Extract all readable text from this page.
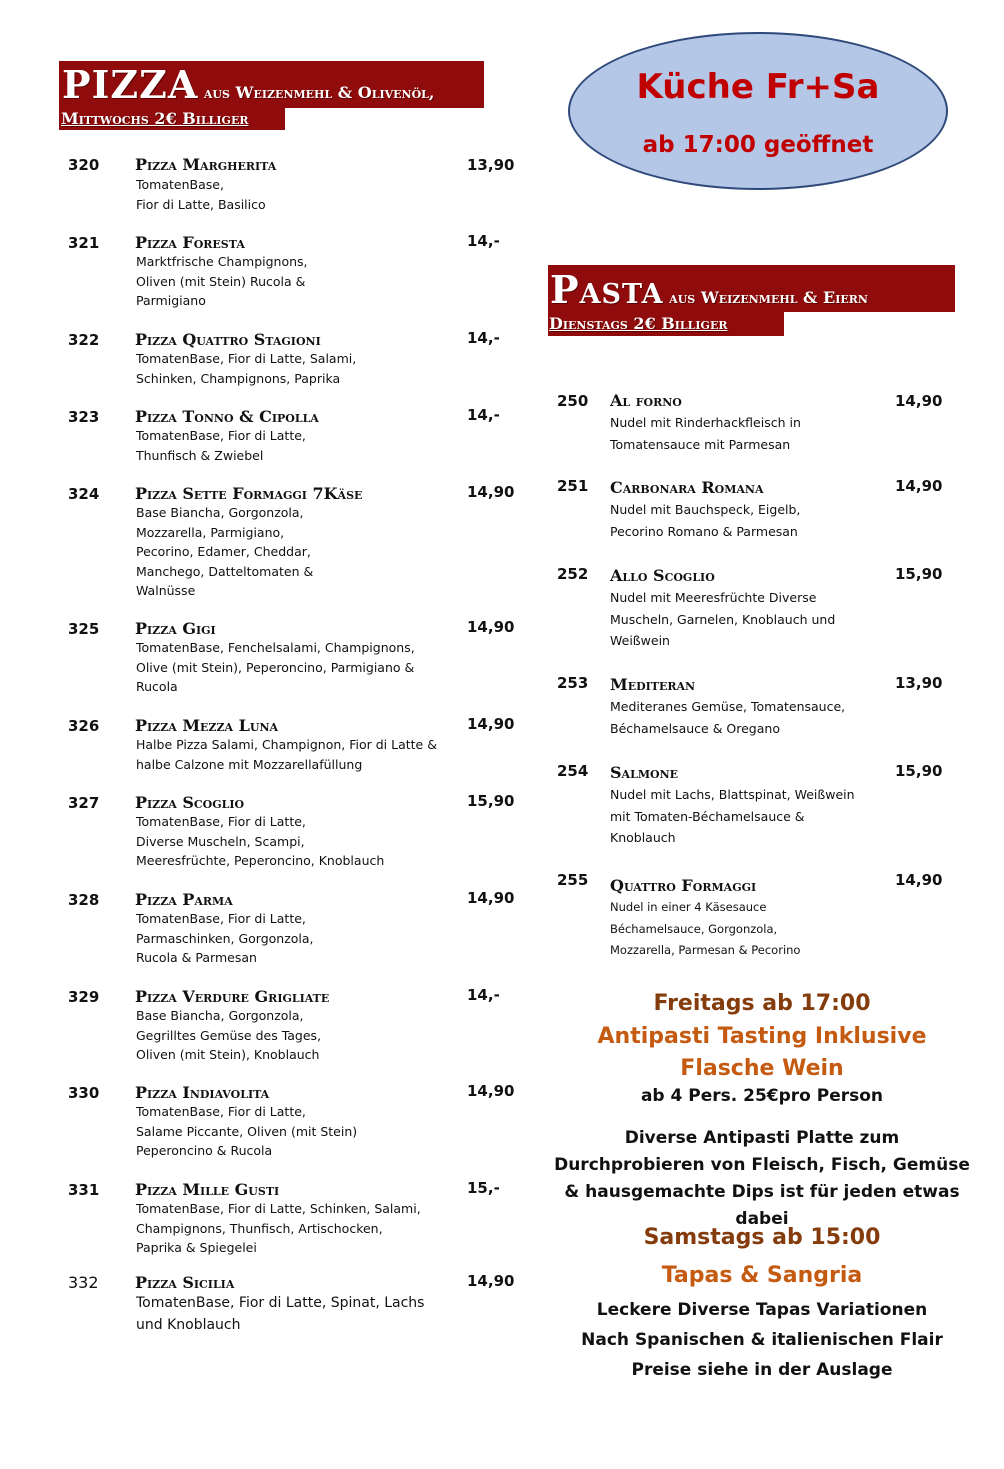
PIZZA aus Weizenmehl & Olivenöl,
Mittwochs 2€ Billiger
Küche Fr+Sa
ab 17:00 geöffnet
320 Pizza Margherita	13,90
TomatenBase,
Fior di Latte, Basilico
321 Pizza Foresta	14,-
Marktfrische Champignons,
Oliven (mit Stein) Rucola &
Parmigiano
322 Pizza Quattro Stagioni	14,-
TomatenBase, Fior di Latte, Salami,
Schinken, Champignons, Paprika
323 Pizza Tonno & Cipolla	14,-
TomatenBase, Fior di Latte,
Thunfisch & Zwiebel
324 Pizza Sette Formaggi 7Käse	14,90
Base Biancha, Gorgonzola,
Mozzarella, Parmigiano,
Pecorino, Edamer, Cheddar,
Manchego, Datteltomaten &
Walnüsse
325 Pizza Gigi	14,90
TomatenBase, Fenchelsalami, Champignons,
Olive (mit Stein), Peperoncino, Parmigiano &
Rucola
326 Pizza Mezza Luna	14,90
Halbe Pizza Salami, Champignon, Fior di Latte &
halbe Calzone mit Mozzarellafüllung
327 Pizza Scoglio	15,90
TomatenBase, Fior di Latte,
Diverse Muscheln, Scampi,
Meeresfrüchte, Peperoncino, Knoblauch
328 Pizza Parma	14,90
TomatenBase, Fior di Latte,
Parmaschinken, Gorgonzola,
Rucola & Parmesan
329 Pizza Verdure Grigliate	14,-
Base Biancha, Gorgonzola,
Gegrilltes Gemüse des Tages,
Oliven (mit Stein), Knoblauch
330 Pizza Indiavolita	14,90
TomatenBase, Fior di Latte,
Salame Piccante, Oliven (mit Stein)
Peperoncino & Rucola
331 Pizza Mille Gusti	15,-
TomatenBase, Fior di Latte, Schinken, Salami,
Champignons, Thunfisch, Artischocken,
Paprika & Spiegelei
332 Pizza Sicilia	14,90
TomatenBase, Fior di Latte, Spinat, Lachs
und Knoblauch
Pasta aus Weizenmehl & Eiern
Dienstags 2€ Billiger
250 Al forno	14,90
Nudel mit Rinderhackfleisch in
Tomatensauce mit Parmesan
251 Carbonara Romana	14,90
Nudel mit Bauchspeck, Eigelb,
Pecorino Romano & Parmesan
252 Allo Scoglio	15,90
Nudel mit Meeresfrüchte Diverse
Muscheln, Garnelen, Knoblauch und
Weißwein
253 Mediteran	13,90
Mediteranes Gemüse, Tomatensauce,
Béchamelsauce & Oregano
254 Salmone	15,90
Nudel mit Lachs, Blattspinat, Weißwein
mit Tomaten-Béchamelsauce &
Knoblauch
255 Quattro Formaggi	14,90
Nudel in einer 4 Käsesauce
Béchamelsauce, Gorgonzola,
Mozzarella, Parmesan & Pecorino
Freitags ab 17:00
Antipasti Tasting Inklusive Flasche Wein
ab 4 Pers. 25€pro Person
Diverse Antipasti Platte zum Durchprobieren von Fleisch, Fisch, Gemüse & hausgemachte Dips ist für jeden etwas dabei
Samstags ab 15:00
Tapas & Sangria
Leckere Diverse Tapas Variationen
Nach Spanischen & italienischen Flair
Preise siehe in der Auslage
